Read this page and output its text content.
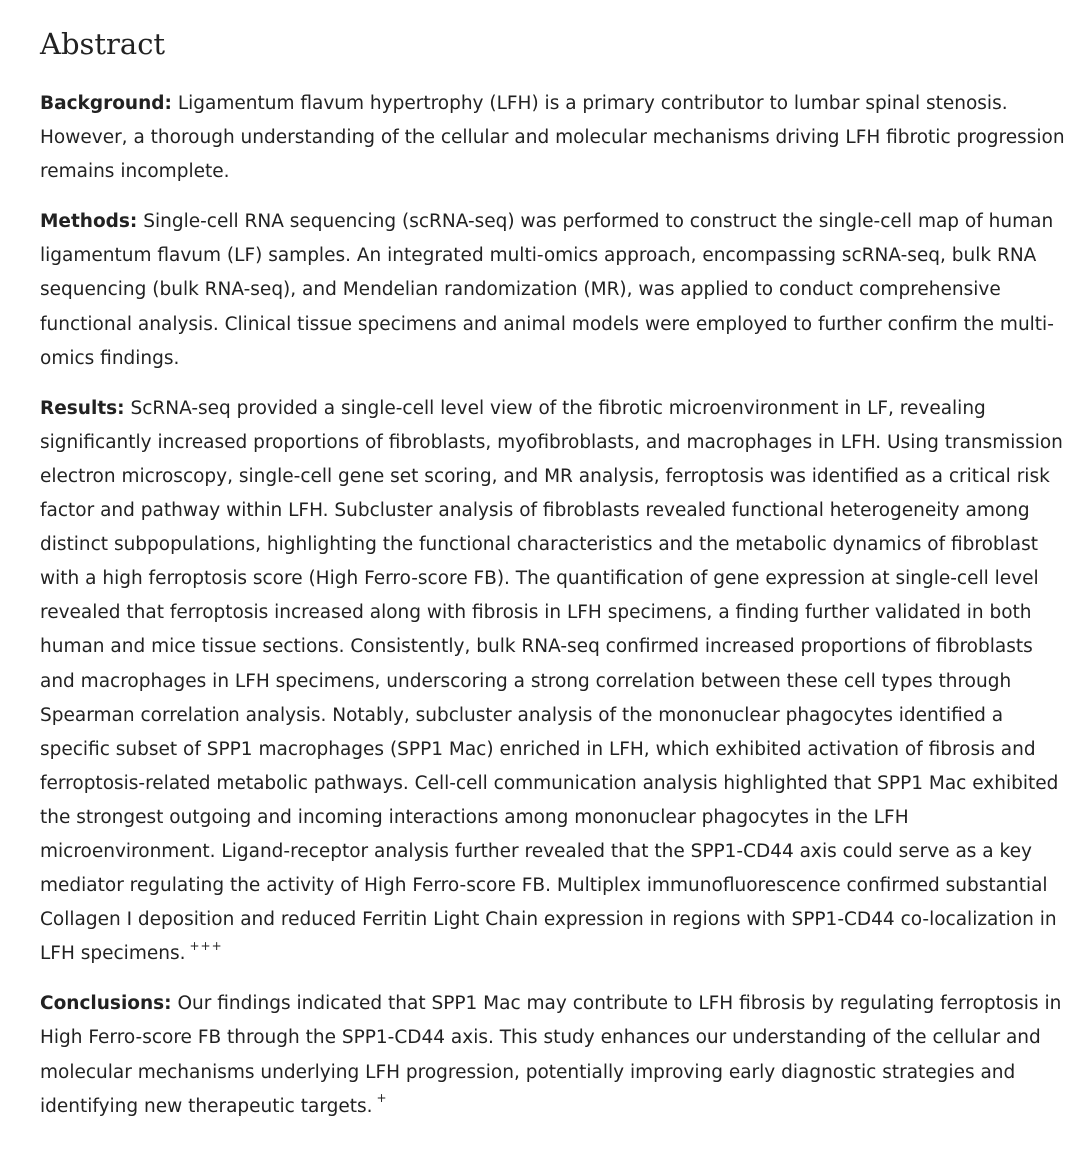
Abstract

Background: Ligamentum flavum hypertrophy (LFH) is a primary contributor to lumbar spinal stenosis. However, a thorough understanding of the cellular and molecular mechanisms driving LFH fibrotic progression remains incomplete.

Methods: Single-cell RNA sequencing (scRNA-seq) was performed to construct the single-cell map of human ligamentum flavum (LF) samples. An integrated multi-omics approach, encompassing scRNA-seq, bulk RNA sequencing (bulk RNA-seq), and Mendelian randomization (MR), was applied to conduct comprehensive functional analysis. Clinical tissue specimens and animal models were employed to further confirm the multi-omics findings.

Results: ScRNA-seq provided a single-cell level view of the fibrotic microenvironment in LF, revealing significantly increased proportions of fibroblasts, myofibroblasts, and macrophages in LFH. Using transmission electron microscopy, single-cell gene set scoring, and MR analysis, ferroptosis was identified as a critical risk factor and pathway within LFH. Subcluster analysis of fibroblasts revealed functional heterogeneity among distinct subpopulations, highlighting the functional characteristics and the metabolic dynamics of fibroblast with a high ferroptosis score (High Ferro-score FB). The quantification of gene expression at single-cell level revealed that ferroptosis increased along with fibrosis in LFH specimens, a finding further validated in both human and mice tissue sections. Consistently, bulk RNA-seq confirmed increased proportions of fibroblasts and macrophages in LFH specimens, underscoring a strong correlation between these cell types through Spearman correlation analysis. Notably, subcluster analysis of the mononuclear phagocytes identified a specific subset of SPP1 macrophages (SPP1 Mac) enriched in LFH, which exhibited activation of fibrosis and ferroptosis-related metabolic pathways. Cell-cell communication analysis highlighted that SPP1 Mac exhibited the strongest outgoing and incoming interactions among mononuclear phagocytes in the LFH microenvironment. Ligand-receptor analysis further revealed that the SPP1-CD44 axis could serve as a key mediator regulating the activity of High Ferro-score FB. Multiplex immunofluorescence confirmed substantial Collagen I deposition and reduced Ferritin Light Chain expression in regions with SPP1-CD44 co-localization in LFH specimens. +++

Conclusions: Our findings indicated that SPP1 Mac may contribute to LFH fibrosis by regulating ferroptosis in High Ferro-score FB through the SPP1-CD44 axis. This study enhances our understanding of the cellular and molecular mechanisms underlying LFH progression, potentially improving early diagnostic strategies and identifying new therapeutic targets. +
